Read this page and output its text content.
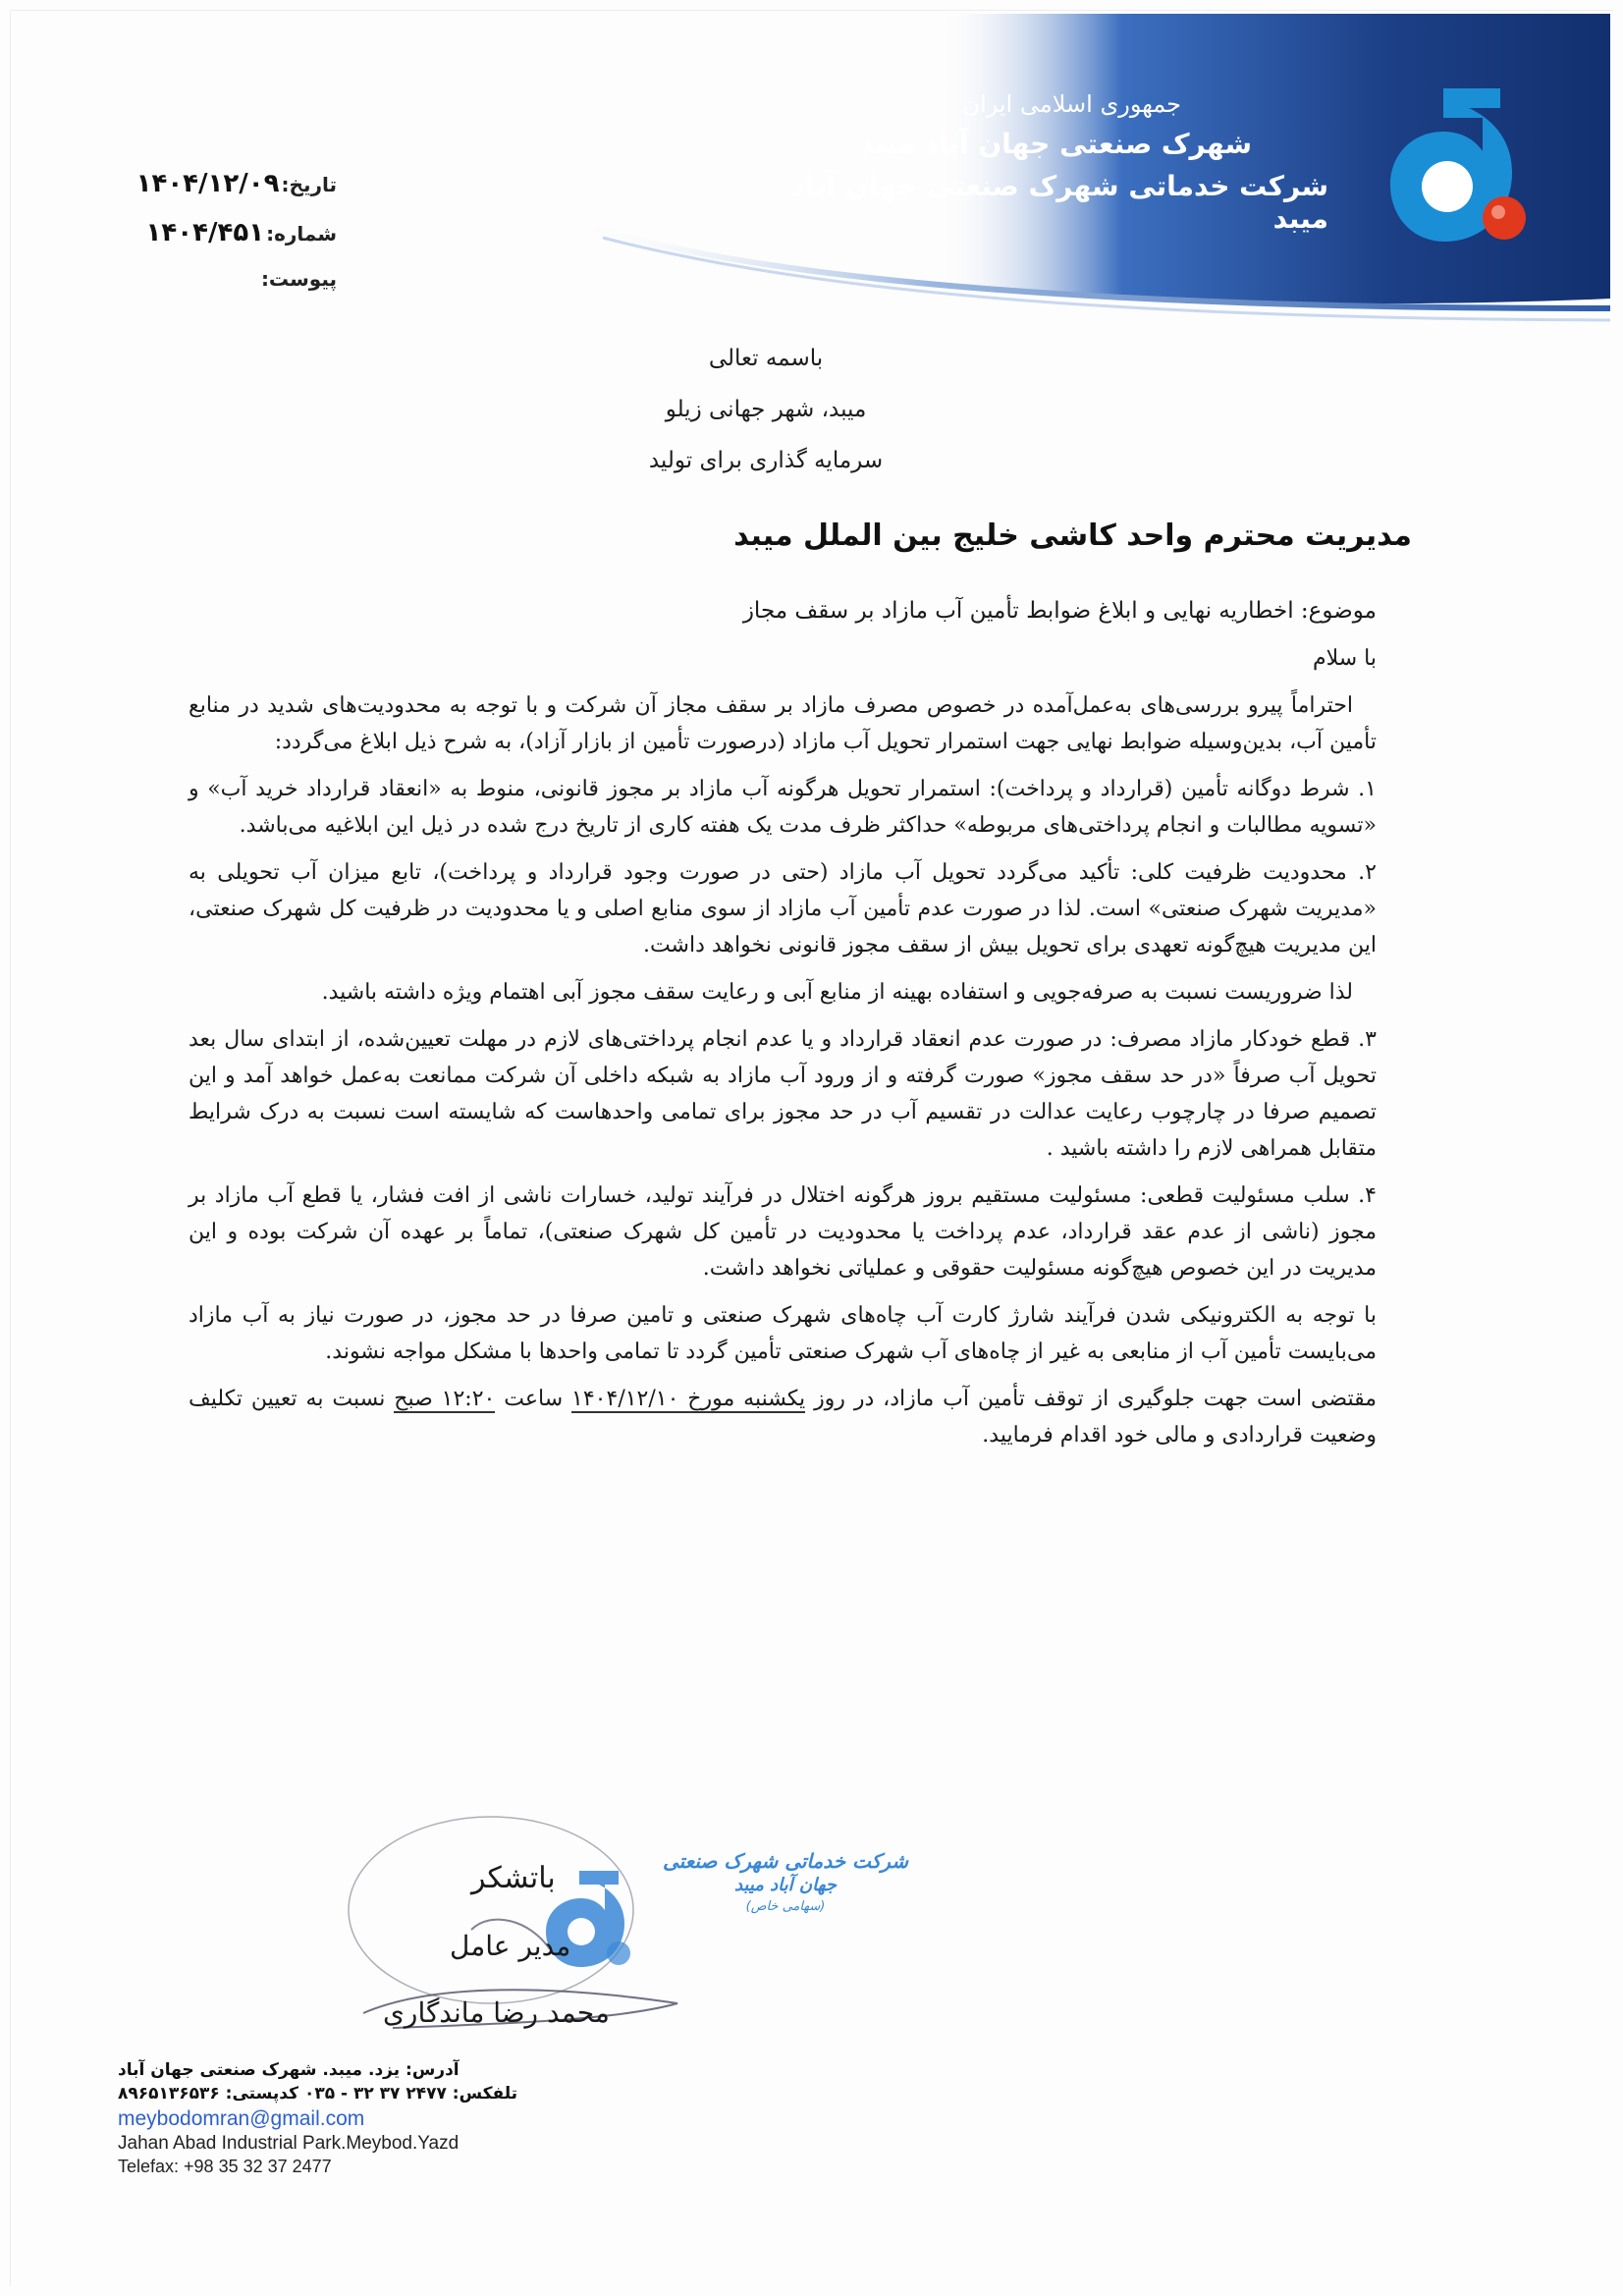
جمهوری اسلامی ایران
شهرک صنعتی جهان آباد میبد
شرکت خدماتی شهرک صنعتی جهان آباد میبد
تاریخ:
۱۴۰۴/۱۲/۰۹
شماره:
۱۴۰۴/۴۵۱
پیوست:
باسمه تعالی
میبد، شهر جهانی زیلو
سرمایه گذاری برای تولید
مدیریت محترم واحد کاشی خلیج بین الملل میبد

موضوع: اخطاریه نهایی و ابلاغ ضوابط تأمین آب مازاد بر سقف مجاز

با سلام

احتراماً پیرو بررسی‌های به‌عمل‌آمده در خصوص مصرف مازاد بر سقف مجاز آن شرکت و با توجه به محدودیت‌های شدید در منابع تأمین آب، بدین‌وسیله ضوابط نهایی جهت استمرار تحویل آب مازاد (درصورت تأمین از بازار آزاد)، به شرح ذیل ابلاغ می‌گردد:

۱. شرط دوگانه تأمین (قرارداد و پرداخت): استمرار تحویل هرگونه آب مازاد بر مجوز قانونی، منوط به «انعقاد قرارداد خرید آب» و «تسویه مطالبات و انجام پرداختی‌های مربوطه» حداکثر ظرف مدت یک هفته کاری از تاریخ درج شده در ذیل این ابلاغیه می‌باشد.

۲. محدودیت ظرفیت کلی: تأکید می‌گردد تحویل آب مازاد (حتی در صورت وجود قرارداد و پرداخت)، تابع میزان آب تحویلی به «مدیریت شهرک صنعتی» است. لذا در صورت عدم تأمین آب مازاد از سوی منابع اصلی و یا محدودیت در ظرفیت کل شهرک صنعتی، این مدیریت هیچ‌گونه تعهدی برای تحویل بیش از سقف مجوز قانونی نخواهد داشت.

لذا ضروریست نسبت به صرفه‌جویی و استفاده بهینه از منابع آبی و رعایت سقف مجوز آبی اهتمام ویژه داشته باشید.

۳. قطع خودکار مازاد مصرف: در صورت عدم انعقاد قرارداد و یا عدم انجام پرداختی‌های لازم در مهلت تعیین‌شده، از ابتدای سال بعد تحویل آب صرفاً «در حد سقف مجوز» صورت گرفته و از ورود آب مازاد به شبکه داخلی آن شرکت ممانعت به‌عمل خواهد آمد و این تصمیم صرفا در چارچوب رعایت عدالت در تقسیم آب در حد مجوز برای تمامی واحدهاست که شایسته است نسبت به درک شرایط متقابل همراهی لازم را داشته باشید .

۴. سلب مسئولیت قطعی: مسئولیت مستقیم بروز هرگونه اختلال در فرآیند تولید، خسارات ناشی از افت فشار، یا قطع آب مازاد بر مجوز (ناشی از عدم عقد قرارداد، عدم پرداخت یا محدودیت در تأمین کل شهرک صنعتی)، تماماً بر عهده آن شرکت بوده و این مدیریت در این خصوص هیچ‌گونه مسئولیت حقوقی و عملیاتی نخواهد داشت.

با توجه به الکترونیکی شدن فرآیند شارژ کارت آب چاه‌های شهرک صنعتی و تامین صرفا در حد مجوز، در صورت نیاز به آب مازاد می‌بایست تأمین آب از منابعی به غیر از چاه‌های آب شهرک صنعتی تأمین گردد تا تمامی واحدها با مشکل مواجه نشوند.

مقتضی است جهت جلوگیری از توقف تأمین آب مازاد، در روز یکشنبه مورخ ۱۴۰۴/۱۲/۱۰ ساعت ۱۲:۲۰ صبح نسبت به تعیین تکلیف وضعیت قراردادی و مالی خود اقدام فرمایید.

شرکت خدماتی شهرک صنعتی
جهان آباد میبد
(سهامی خاص)
باتشکر
مدیر عامل
محمد رضا ماندگاری
آدرس: یزد. میبد. شهرک صنعتی جهان آباد
تلفکس: ۲۴۷۷ ۳۷ ۳۲ - ۰۳۵ کدپستی: ۸۹۶۵۱۳۶۵۳۶
meybodomran@gmail.com
Jahan Abad Industrial Park.Meybod.Yazd
Telefax: +98 35 32 37 2477
